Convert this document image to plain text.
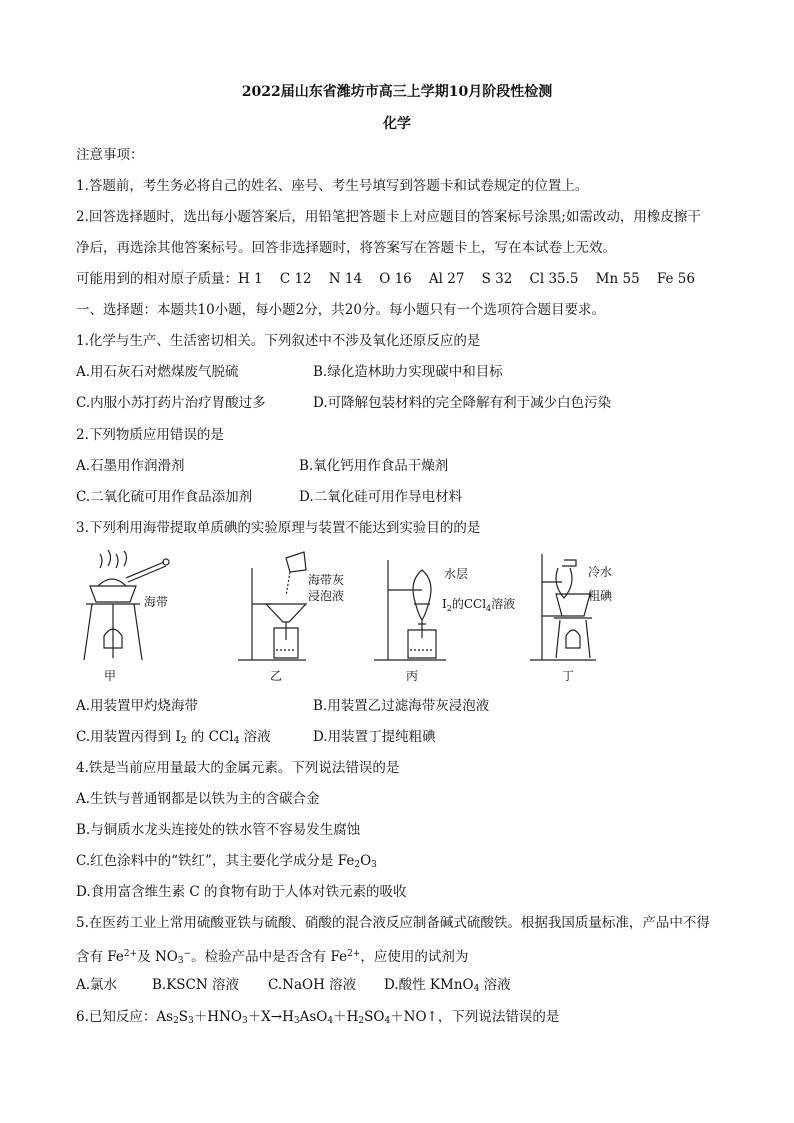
2022届山东省潍坊市高三上学期10月阶段性检测
化学
注意事项：
1.答题前，考生务必将自己的姓名、座号、考生号填写到答题卡和试卷规定的位置上。
2.回答选择题时，选出每小题答案后，用铅笔把答题卡上对应题目的答案标号涂黑;如需改动，用橡皮擦干
净后，再选涂其他答案标号。回答非选择题时，将答案写在答题卡上，写在本试卷上无效。
可能用到的相对原子质量：H 1    C 12    N 14    O 16    Al 27    S 32    Cl 35.5    Mn 55    Fe 56
一、选择题：本题共10小题，每小题2分，共20分。每小题只有一个选项符合题目要求。
1.化学与生产、生活密切相关。下列叙述中不涉及氧化还原反应的是
A.用石灰石对燃煤废气脱硫	B.绿化造林助力实现碳中和目标
C.内服小苏打药片治疗胃酸过多	D.可降解包装材料的完全降解有利于减少白色污染
2.下列物质应用错误的是
A.石墨用作润滑剂	B.氧化钙用作食品干燥剂
C.二氧化硫可用作食品添加剂	D.二氧化硅可用作导电材料
3.下列利用海带提取单质碘的实验原理与装置不能达到实验目的的是
海带
海带灰
浸泡液
水层
$I_2$的CCl$_4$溶液
冷水
粗碘
甲	乙	丙	丁
A.用装置甲灼烧海带	B.用装置乙过滤海带灰浸泡液
C.用装置丙得到 $I_2$ 的 CCl$_4$ 溶液	D.用装置丁提纯粗碘
4.铁是当前应用量最大的金属元素。下列说法错误的是
A.生铁与普通钢都是以铁为主的含碳合金
B.与铜质水龙头连接处的铁水管不容易发生腐蚀
C.红色涂料中的“铁红”，其主要化学成分是 $Fe_2O_3$
D.食用富含维生素 C 的食物有助于人体对铁元素的吸收
5.在医药工业上常用硫酸亚铁与硫酸、硝酸的混合液反应制备碱式硫酸铁。根据我国质量标准，产品中不得
含有 $Fe^{2+}$及 $NO_3^-$。检验产品中是否含有 $Fe^{2+}$，应使用的试剂为
A.氯水	B.KSCN 溶液 C.NaOH 溶液 D.酸性 KMnO$_4$ 溶液
6.已知反应：$As_2S_3+HNO_3+X\to H_3AsO_4+H_2SO_4+NO↑$，下列说法错误的是
